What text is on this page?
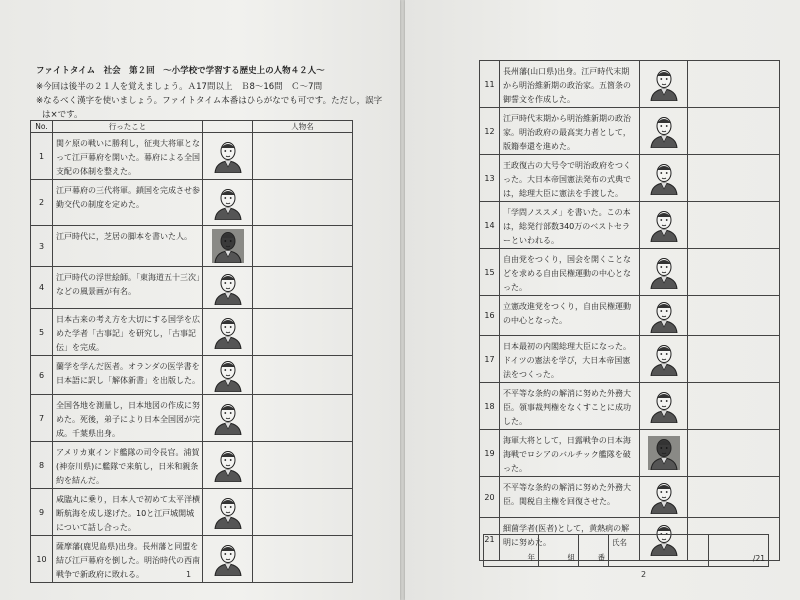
ファイトタイム　社会　第２回　～小学校で学習する歴史上の人物４２人～
※今回は後半の２１人を覚えましょう。Ａ17問以上　Ｂ8～16問　Ｃ～7問
※なるべく漢字を使いましょう。ファイトタイム本番はひらがなでも可です。ただし，誤字
は×です。
No.	行ったこと		人物名
1	関ケ原の戦いに勝利し，征夷大将軍となって江戸幕府を開いた。幕府による全国支配の体制を整えた。	

2	江戸幕府の三代将軍。鎖国を完成させ参勤交代の制度を定めた。	

3	江戸時代に，芝居の脚本を書いた人。	

4	江戸時代の浮世絵師。「東海道五十三次」などの風景画が有名。	

5	日本古来の考え方を大切にする国学を広めた学者「古事記」を研究し，「古事記伝」を完成。	

6	蘭学を学んだ医者。オランダの医学書を日本語に訳し「解体新書」を出版した。	

7	全国各地を測量し，日本地図の作成に努めた。死後，弟子により日本全国図が完成。千葉県出身。	

8	アメリカ東インド艦隊の司令長官。浦賀(神奈川県)に艦隊で来航し，日米和親条約を結んだ。	

9	咸臨丸に乗り，日本人で初めて太平洋横断航海を成し遂げた。10と江戸城開城について話し合った。	

10	薩摩藩(鹿児島県)出身。長州藩と同盟を結び江戸幕府を倒した。明治時代の西南戦争で新政府に敗れる。	
		1
11	長州藩(山口県)出身。江戸時代末期から明治維新期の政治家。五箇条の御誓文を作成した。	

12	江戸時代末期から明治維新期の政治家。明治政府の最高実力者として，版籍奉還を進めた。	

13	王政復古の大号令で明治政府をつくった。大日本帝国憲法発布の式典では，総理大臣に憲法を手渡した。	

14	「学問ノススメ」を書いた。この本は，総発行部数340万のベストセラーといわれる。	

15	自由党をつくり，国会を開くことなどを求める自由民権運動の中心となった。	

16	立憲改進党をつくり，自由民権運動の中心となった。	

17	日本最初の内閣総理大臣になった。ドイツの憲法を学び，大日本帝国憲法をつくった。	

18	不平等な条約の解消に努めた外務大臣。領事裁判権をなくすことに成功した。	

19	海軍大将として，日露戦争の日本海海戦でロシアのバルチック艦隊を破った。	

20	不平等な条約の解消に努めた外務大臣。関税自主権を回復させた。	

21	細菌学者(医者)として，黄熱病の解明に努めた。	

年	組	番	氏名	/21
2
